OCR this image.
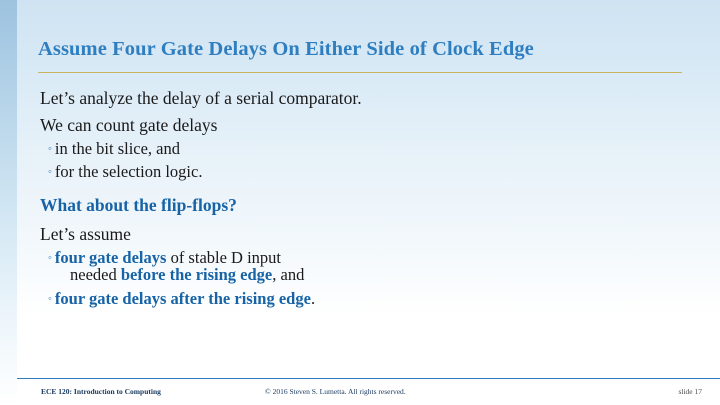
Assume Four Gate Delays On Either Side of Clock Edge
Let’s analyze the delay of a serial comparator.
We can count gate delays
◦ in the bit slice, and
◦ for the selection logic.
What about the flip-flops?
Let’s assume
◦ four gate delays of stable D input
needed before the rising edge, and
◦ four gate delays after the rising edge.
ECE 120: Introduction to Computing	© 2016 Steven S. Lumetta. All rights reserved.	slide 17
